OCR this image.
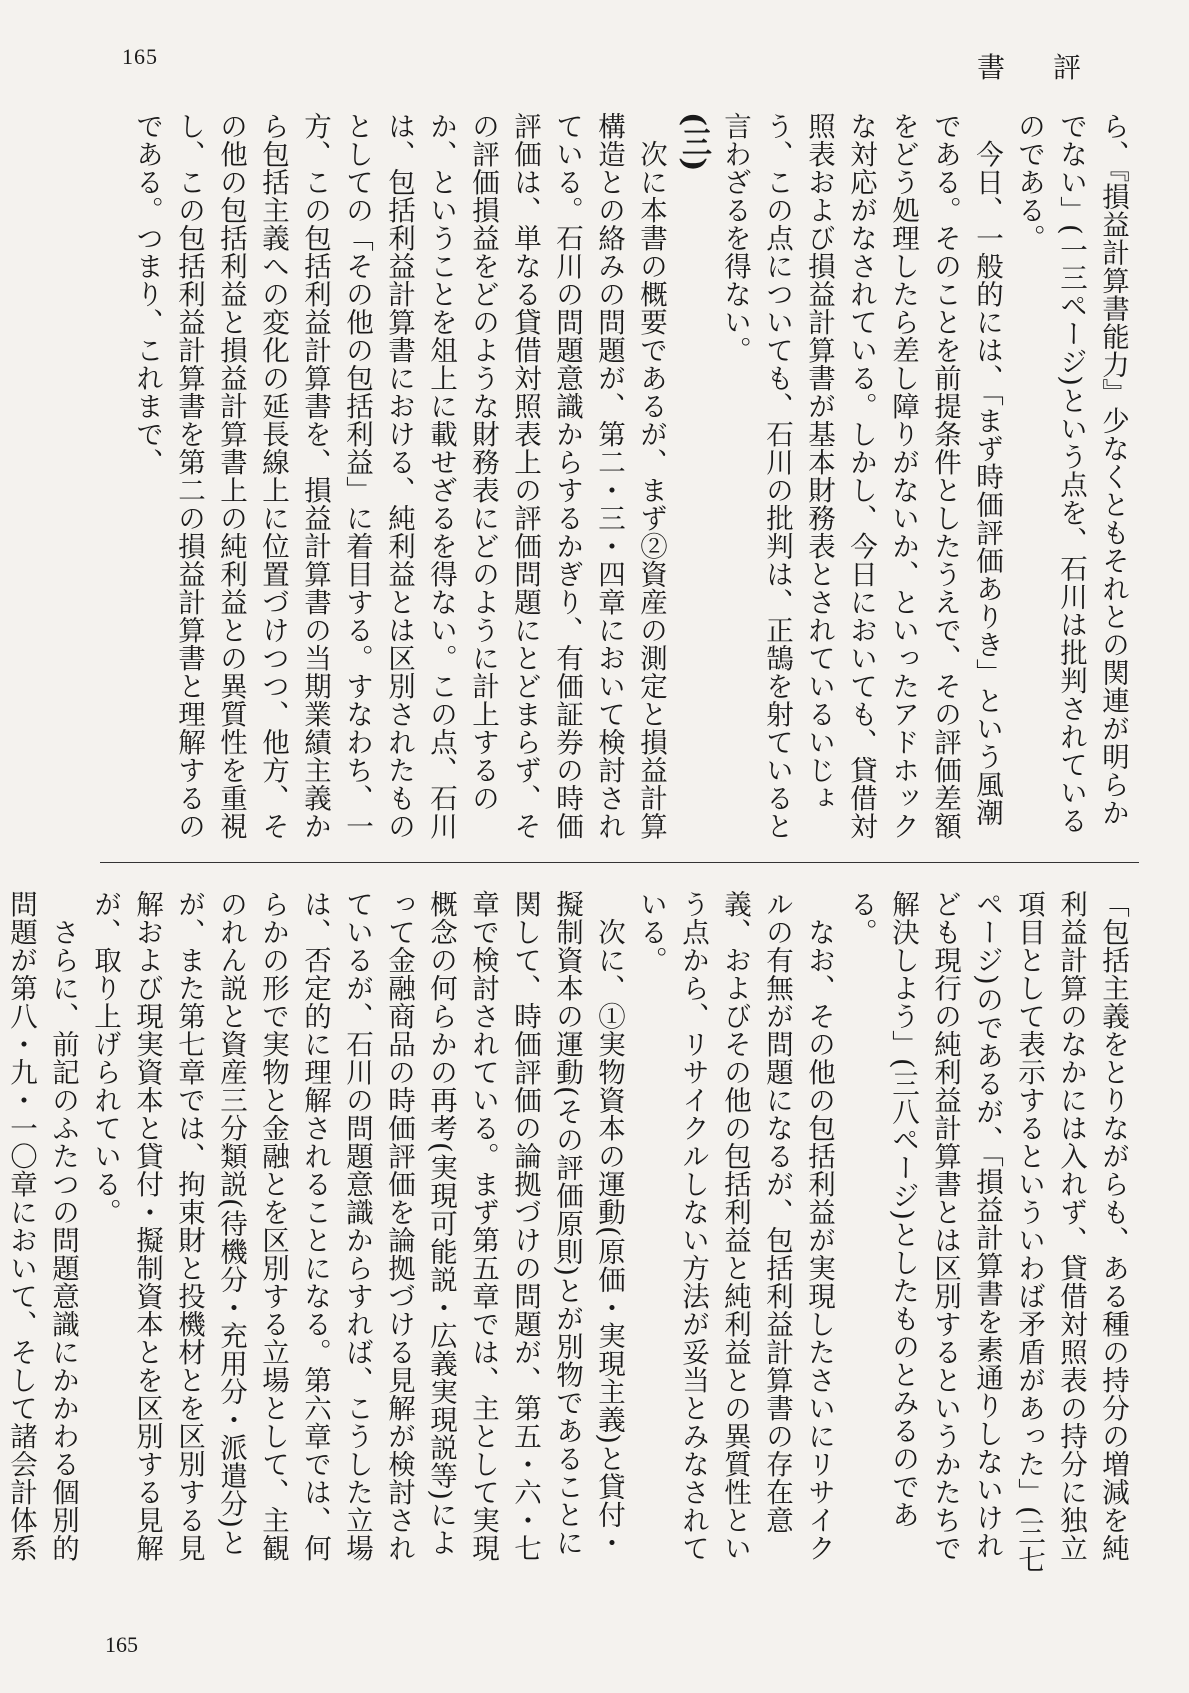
165	書評

ら、『損益計算書能力』少なくともそれとの関連が明らかでない」(一三ページ)という点を、石川は批判されているのである。

今日、一般的には、「まず時価評価ありき」という風潮である。そのことを前提条件としたうえで、その評価差額をどう処理したら差し障りがないか、といったアドホックな対応がなされている。しかし、今日においても、貸借対照表および損益計算書が基本財務表とされているいじょう、この点についても、石川の批判は、正鵠を射ていると言わざるを得ない。

(三)

次に本書の概要であるが、まず②資産の測定と損益計算構造との絡みの問題が、第二・三・四章において検討されている。石川の問題意識からするかぎり、有価証券の時価評価は、単なる貸借対照表上の評価問題にとどまらず、その評価損益をどのような財務表にどのように計上するのか、ということを俎上に載せざるを得ない。この点、石川は、包括利益計算書における、純利益とは区別されたものとしての「その他の包括利益」に着目する。すなわち、一方、この包括利益計算書を、損益計算書の当期業績主義から包括主義への変化の延長線上に位置づけつつ、他方、その他の包括利益と損益計算書上の純利益との異質性を重視し、この包括利益計算書を第二の損益計算書と理解するのである。つまり、これまで、

「包括主義をとりながらも、ある種の持分の増減を純利益計算のなかには入れず、貸借対照表の持分に独立項目として表示するといういわば矛盾があった」(三七ページ)のであるが、「損益計算書を素通りしないけれども現行の純利益計算書とは区別するというかたちで解決しよう」(三八ページ)としたものとみるのである。

なお、その他の包括利益が実現したさいにリサイクルの有無が問題になるが、包括利益計算書の存在意義、およびその他の包括利益と純利益との異質性という点から、リサイクルしない方法が妥当とみなされている。

次に、①実物資本の運動(原価・実現主義)と貸付・擬制資本の運動(その評価原則)とが別物であることに関して、時価評価の論拠づけの問題が、第五・六・七章で検討されている。まず第五章では、主として実現概念の何らかの再考(実現可能説・広義実現説等)によって金融商品の時価評価を論拠づける見解が検討されているが、石川の問題意識からすれば、こうした立場は、否定的に理解されることになる。第六章では、何らかの形で実物と金融とを区別する立場として、主観のれん説と資産三分類説(待機分・充用分・派遣分)とが、また第七章では、拘束財と投機材とを区別する見解および現実資本と貸付・擬制資本とを区別する見解が、取り上げられている。

さらに、前記のふたつの問題意識にかかわる個別的問題が第八・九・一〇章において、そして諸会計体系

165
